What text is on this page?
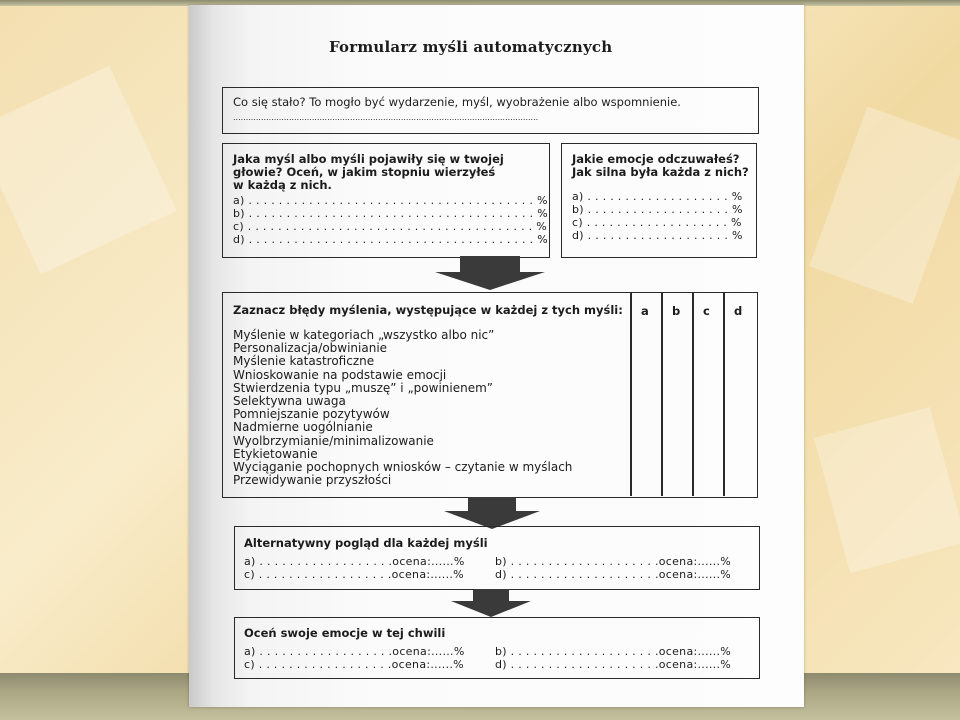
Formularz myśli automatycznych
Co się stało? To mogło być wydarzenie, myśl, wyobrażenie albo wspomnienie.
........................................................................................................................
Jaka myśl albo myśli pojawiły się w twojej
głowie? Oceń, w jakim stopniu wierzyłeś
w każdą z nich.
a) . . . . . . . . . . . . . . . . . . . . . . . . . . . . . . . . . . . . . . %
b) . . . . . . . . . . . . . . . . . . . . . . . . . . . . . . . . . . . . . . %
c) . . . . . . . . . . . . . . . . . . . . . . . . . . . . . . . . . . . . . . %
d) . . . . . . . . . . . . . . . . . . . . . . . . . . . . . . . . . . . . . . %
Jakie emocje odczuwałeś?
Jak silna była każda z nich?
a) . . . . . . . . . . . . . . . . . . . %
b) . . . . . . . . . . . . . . . . . . . %
c) . . . . . . . . . . . . . . . . . . . %
d) . . . . . . . . . . . . . . . . . . . %
Zaznacz błędy myślenia, występujące w każdej z tych myśli:
Myślenie w kategoriach „wszystko albo nic”
Personalizacja/obwinianie
Myślenie katastroficzne
Wnioskowanie na podstawie emocji
Stwierdzenia typu „muszę” i „powinienem”
Selektywna uwaga
Pomniejszanie pozytywów
Nadmierne uogólnianie
Wyolbrzymianie/minimalizowanie
Etykietowanie
Wyciąganie pochopnych wniosków – czytanie w myślach
Przewidywanie przyszłości
a b c d
Alternatywny pogląd dla każdej myśli
a) . . . . . . . . . . . . . . . . . .ocena:......%
c) . . . . . . . . . . . . . . . . . .ocena:......%
b) . . . . . . . . . . . . . . . . . . . .ocena:......%
d) . . . . . . . . . . . . . . . . . . . .ocena:......%
Oceń swoje emocje w tej chwili
a) . . . . . . . . . . . . . . . . . .ocena:......%
c) . . . . . . . . . . . . . . . . . .ocena:......%
b) . . . . . . . . . . . . . . . . . . . .ocena:......%
d) . . . . . . . . . . . . . . . . . . . .ocena:......%
